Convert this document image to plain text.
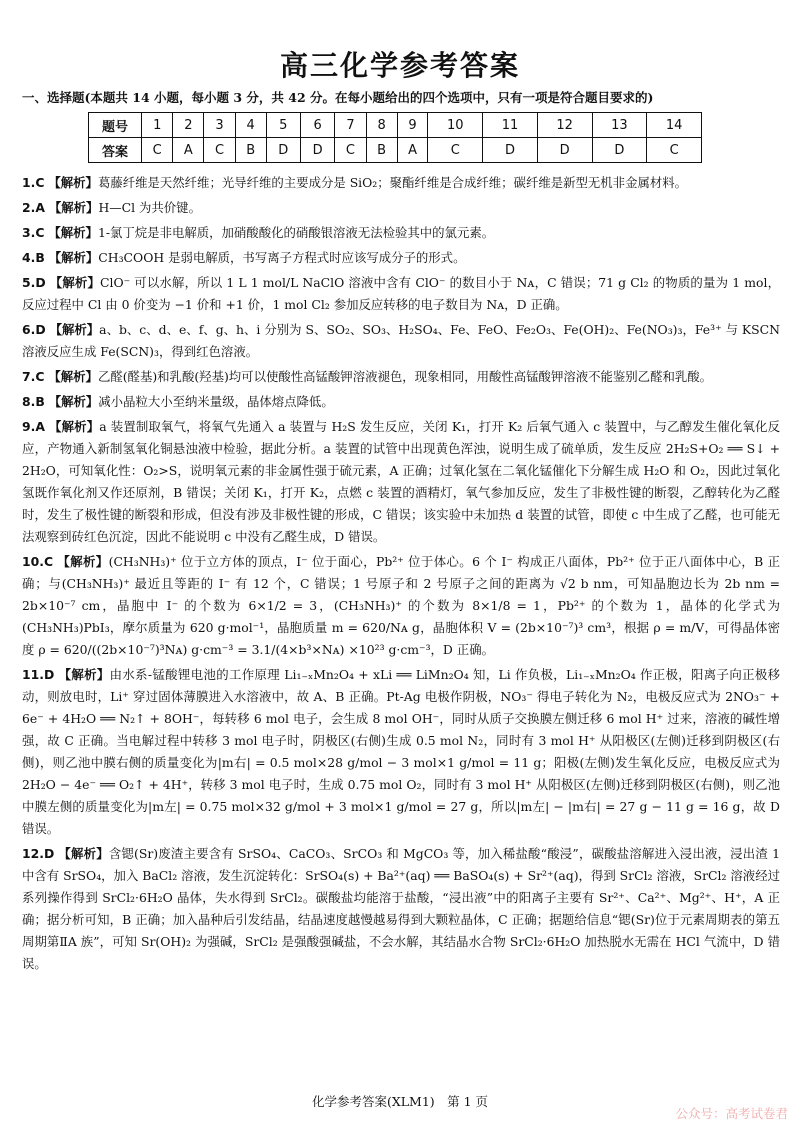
高三化学参考答案
一、选择题(本题共 14 小题，每小题 3 分，共 42 分。在每小题给出的四个选项中，只有一项是符合题目要求的)
题号	1	2	3	4	5	6	7	8	9	10	11	12	13	14
答案	C	A	C	B	D	D	C	B	A	C	D	D	D	C

1.C 【解析】葛藤纤维是天然纤维；光导纤维的主要成分是 SiO₂；聚酯纤维是合成纤维；碳纤维是新型无机非金属材料。

2.A 【解析】H—Cl 为共价键。

3.C 【解析】1-氯丁烷是非电解质，加硝酸酸化的硝酸银溶液无法检验其中的氯元素。

4.B 【解析】CH₃COOH 是弱电解质，书写离子方程式时应该写成分子的形式。

5.D 【解析】ClO⁻ 可以水解，所以 1 L 1 mol/L NaClO 溶液中含有 ClO⁻ 的数目小于 Nᴀ，C 错误；71 g Cl₂ 的物质的量为 1 mol，反应过程中 Cl 由 0 价变为 −1 价和 +1 价，1 mol Cl₂ 参加反应转移的电子数目为 Nᴀ，D 正确。

6.D 【解析】a、b、c、d、e、f、g、h、i 分别为 S、SO₂、SO₃、H₂SO₄、Fe、FeO、Fe₂O₃、Fe(OH)₂、Fe(NO₃)₃，Fe³⁺ 与 KSCN 溶液反应生成 Fe(SCN)₃，得到红色溶液。

7.C 【解析】乙醛(醛基)和乳酸(羟基)均可以使酸性高锰酸钾溶液褪色，现象相同，用酸性高锰酸钾溶液不能鉴别乙醛和乳酸。

8.B 【解析】减小晶粒大小至纳米量级，晶体熔点降低。

9.A 【解析】a 装置制取氧气，将氧气先通入 a 装置与 H₂S 发生反应，关闭 K₁，打开 K₂ 后氧气通入 c 装置中，与乙醇发生催化氧化反应，产物通入新制氢氧化铜悬浊液中检验，据此分析。a 装置的试管中出现黄色浑浊，说明生成了硫单质，发生反应 2H₂S+O₂ ══ S↓ + 2H₂O，可知氧化性：O₂>S，说明氧元素的非金属性强于硫元素，A 正确；过氧化氢在二氧化锰催化下分解生成 H₂O 和 O₂，因此过氧化氢既作氧化剂又作还原剂，B 错误；关闭 K₁，打开 K₂，点燃 c 装置的酒精灯，氧气参加反应，发生了非极性键的断裂，乙醇转化为乙醛时，发生了极性键的断裂和形成，但没有涉及非极性键的形成，C 错误；该实验中未加热 d 装置的试管，即使 c 中生成了乙醛，也可能无法观察到砖红色沉淀，因此不能说明 c 中没有乙醛生成，D 错误。

10.C 【解析】(CH₃NH₃)⁺ 位于立方体的顶点，I⁻ 位于面心，Pb²⁺ 位于体心。6 个 I⁻ 构成正八面体，Pb²⁺ 位于正八面体中心，B 正确；与(CH₃NH₃)⁺ 最近且等距的 I⁻ 有 12 个，C 错误；1 号原子和 2 号原子之间的距离为 √2 b nm，可知晶胞边长为 2b nm = 2b×10⁻⁷ cm，晶胞中 I⁻ 的个数为 6×1/2 = 3，(CH₃NH₃)⁺ 的个数为 8×1/8 = 1，Pb²⁺ 的个数为 1，晶体的化学式为(CH₃NH₃)PbI₃，摩尔质量为 620 g·mol⁻¹，晶胞质量 m = 620/Nᴀ g，晶胞体积 V = (2b×10⁻⁷)³ cm³，根据 ρ = m/V，可得晶体密度 ρ = 620/((2b×10⁻⁷)³Nᴀ) g·cm⁻³ = 3.1/(4×b³×Nᴀ) ×10²³ g·cm⁻³，D 正确。

11.D 【解析】由水系-锰酸锂电池的工作原理 Li₁₋ₓMn₂O₄ + xLi ══ LiMn₂O₄ 知，Li 作负极，Li₁₋ₓMn₂O₄ 作正极，阳离子向正极移动，则放电时，Li⁺ 穿过固体薄膜进入水溶液中，故 A、B 正确。Pt-Ag 电极作阴极，NO₃⁻ 得电子转化为 N₂，电极反应式为 2NO₃⁻ + 6e⁻ + 4H₂O ══ N₂↑ + 8OH⁻，每转移 6 mol 电子，会生成 8 mol OH⁻，同时从质子交换膜左侧迁移 6 mol H⁺ 过来，溶液的碱性增强，故 C 正确。当电解过程中转移 3 mol 电子时，阴极区(右侧)生成 0.5 mol N₂，同时有 3 mol H⁺ 从阳极区(左侧)迁移到阴极区(右侧)，则乙池中膜右侧的质量变化为|m右| = 0.5 mol×28 g/mol − 3 mol×1 g/mol = 11 g；阳极(左侧)发生氧化反应，电极反应式为 2H₂O − 4e⁻ ══ O₂↑ + 4H⁺，转移 3 mol 电子时，生成 0.75 mol O₂，同时有 3 mol H⁺ 从阳极区(左侧)迁移到阴极区(右侧)，则乙池中膜左侧的质量变化为|m左| = 0.75 mol×32 g/mol + 3 mol×1 g/mol = 27 g，所以|m左| − |m右| = 27 g − 11 g = 16 g，故 D 错误。

12.D 【解析】含锶(Sr)废渣主要含有 SrSO₄、CaCO₃、SrCO₃ 和 MgCO₃ 等，加入稀盐酸“酸浸”，碳酸盐溶解进入浸出液，浸出渣 1 中含有 SrSO₄，加入 BaCl₂ 溶液，发生沉淀转化：SrSO₄(s) + Ba²⁺(aq) ══ BaSO₄(s) + Sr²⁺(aq)，得到 SrCl₂ 溶液，SrCl₂ 溶液经过系列操作得到 SrCl₂·6H₂O 晶体，失水得到 SrCl₂。碳酸盐均能溶于盐酸，“浸出液”中的阳离子主要有 Sr²⁺、Ca²⁺、Mg²⁺、H⁺，A 正确；据分析可知，B 正确；加入晶种后引发结晶，结晶速度越慢越易得到大颗粒晶体，C 正确；据题给信息“锶(Sr)位于元素周期表的第五周期第ⅡA 族”，可知 Sr(OH)₂ 为强碱，SrCl₂ 是强酸强碱盐，不会水解，其结晶水合物 SrCl₂·6H₂O 加热脱水无需在 HCl 气流中，D 错误。

化学参考答案(XLM1)　第 1 页
公众号：高考试卷君
